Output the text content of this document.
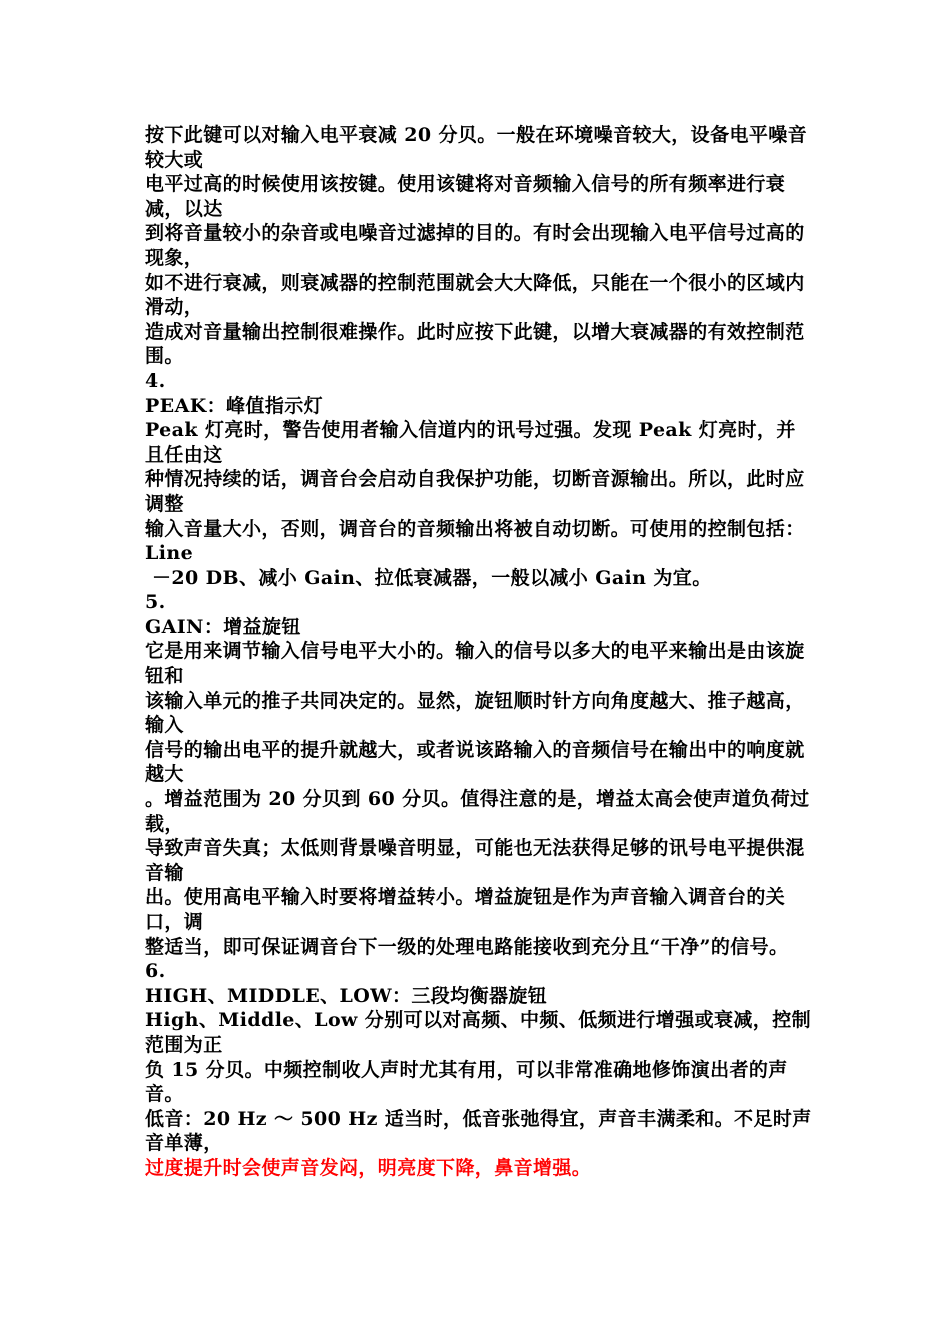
按下此键可以对输入电平衰减 20 分贝。一般在环境噪音较大，设备电平噪音较大或

电平过高的时候使用该按键。使用该键将对音频输入信号的所有频率进行衰减，以达

到将音量较小的杂音或电噪音过滤掉的目的。有时会出现输入电平信号过高的现象，

如不进行衰减，则衰减器的控制范围就会大大降低，只能在一个很小的区域内滑动，

造成对音量输出控制很难操作。此时应按下此键，以增大衰减器的有效控制范围。

4.

PEAK：峰值指示灯

Peak 灯亮时，警告使用者输入信道内的讯号过强。发现 Peak 灯亮时，并且任由这

种情况持续的话，调音台会启动自我保护功能，切断音源输出。所以，此时应调整

输入音量大小，否则，调音台的音频输出将被自动切断。可使用的控制包括：Line

－20 DB、减小 Gain、拉低衰减器，一般以减小 Gain 为宜。

5.

GAIN：增益旋钮

它是用来调节输入信号电平大小的。输入的信号以多大的电平来输出是由该旋钮和

该输入单元的推子共同决定的。显然，旋钮顺时针方向角度越大、推子越高，输入

信号的输出电平的提升就越大，或者说该路输入的音频信号在输出中的响度就越大

。增益范围为 20 分贝到 60 分贝。值得注意的是，增益太高会使声道负荷过载，

导致声音失真；太低则背景噪音明显，可能也无法获得足够的讯号电平提供混音输

出。使用高电平输入时要将增益转小。增益旋钮是作为声音输入调音台的关口，调

整适当，即可保证调音台下一级的处理电路能接收到充分且“干净”的信号。

6.

HIGH、MIDDLE、LOW：三段均衡器旋钮

High、Middle、Low 分别可以对高频、中频、低频进行增强或衰减，控制范围为正

负 15 分贝。中频控制收人声时尤其有用，可以非常准确地修饰演出者的声音。

低音：20 Hz ～ 500 Hz 适当时，低音张弛得宜，声音丰满柔和。不足时声音单薄，

过度提升时会使声音发闷，明亮度下降，鼻音增强。
